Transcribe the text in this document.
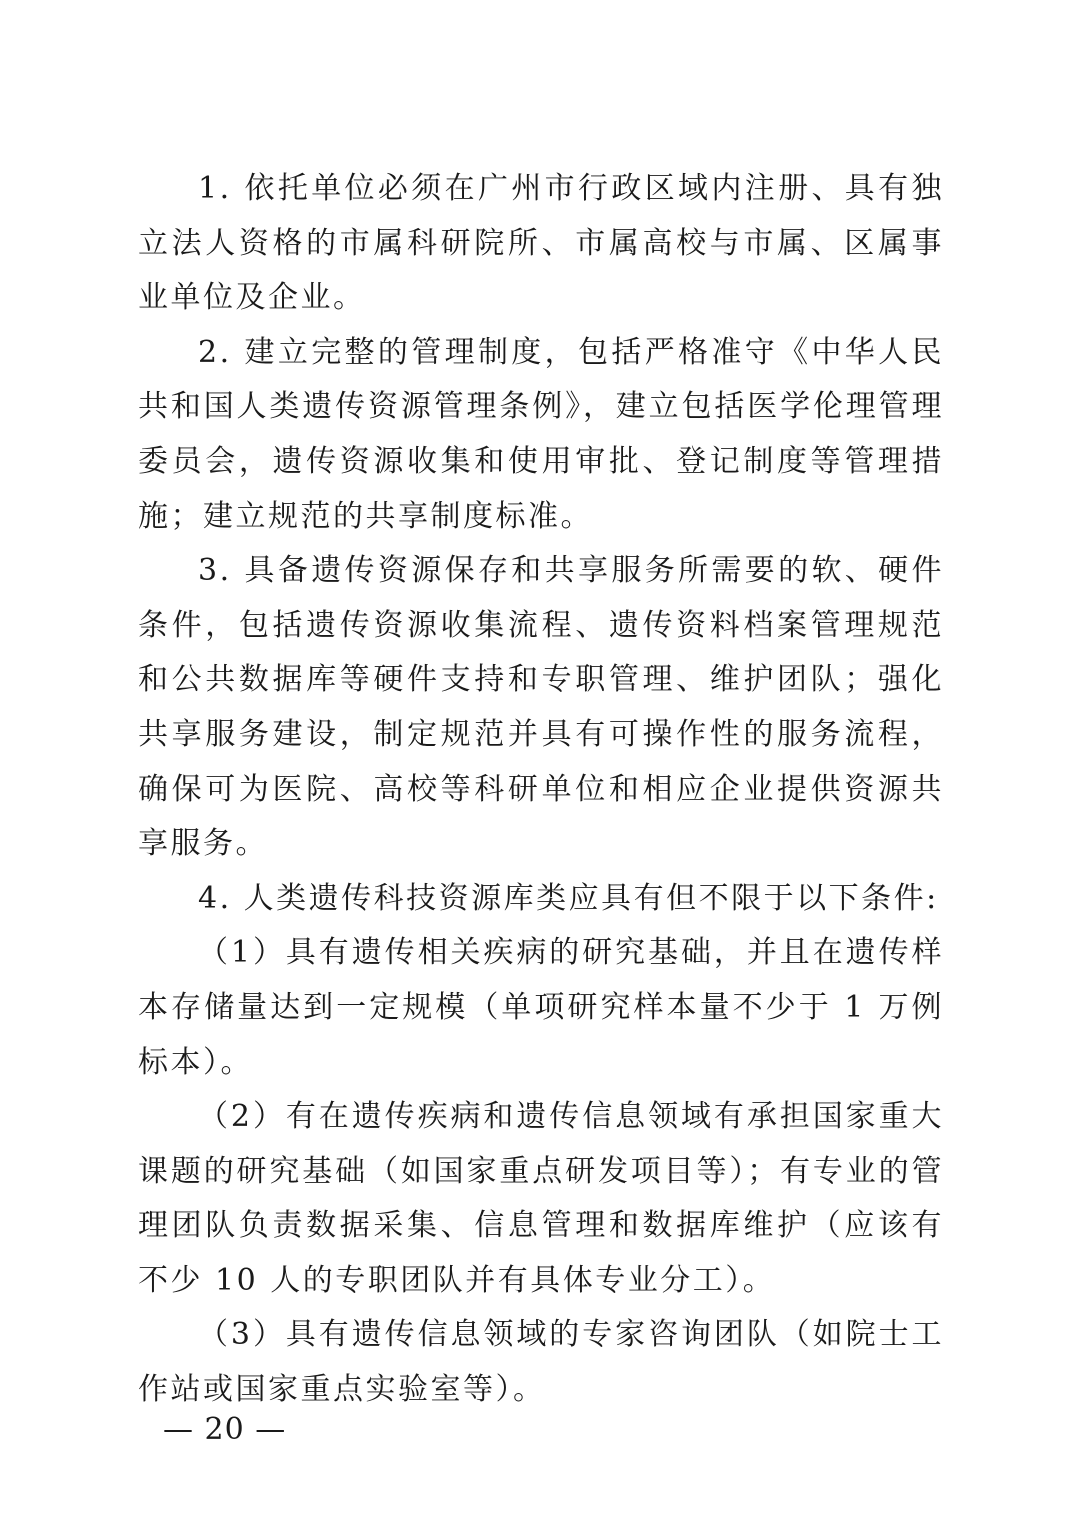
1. 依托单位必须在广州市行政区域内注册、具有独立法人资格的市属科研院所、市属高校与市属、区属事业单位及企业。

2. 建立完整的管理制度，包括严格准守《中华人民共和国人类遗传资源管理条例》，建立包括医学伦理管理委员会，遗传资源收集和使用审批、登记制度等管理措施；建立规范的共享制度标准。

3. 具备遗传资源保存和共享服务所需要的软、硬件条件，包括遗传资源收集流程、遗传资料档案管理规范和公共数据库等硬件支持和专职管理、维护团队；强化共享服务建设，制定规范并具有可操作性的服务流程，确保可为医院、高校等科研单位和相应企业提供资源共享服务。

4. 人类遗传科技资源库类应具有但不限于以下条件:

（1）具有遗传相关疾病的研究基础，并且在遗传样本存储量达到一定规模（单项研究样本量不少于 1 万例标本）。

（2）有在遗传疾病和遗传信息领域有承担国家重大课题的研究基础（如国家重点研发项目等）；有专业的管理团队负责数据采集、信息管理和数据库维护（应该有不少 10 人的专职团队并有具体专业分工）。

（3）具有遗传信息领域的专家咨询团队（如院士工作站或国家重点实验室等）。

— 20 —
